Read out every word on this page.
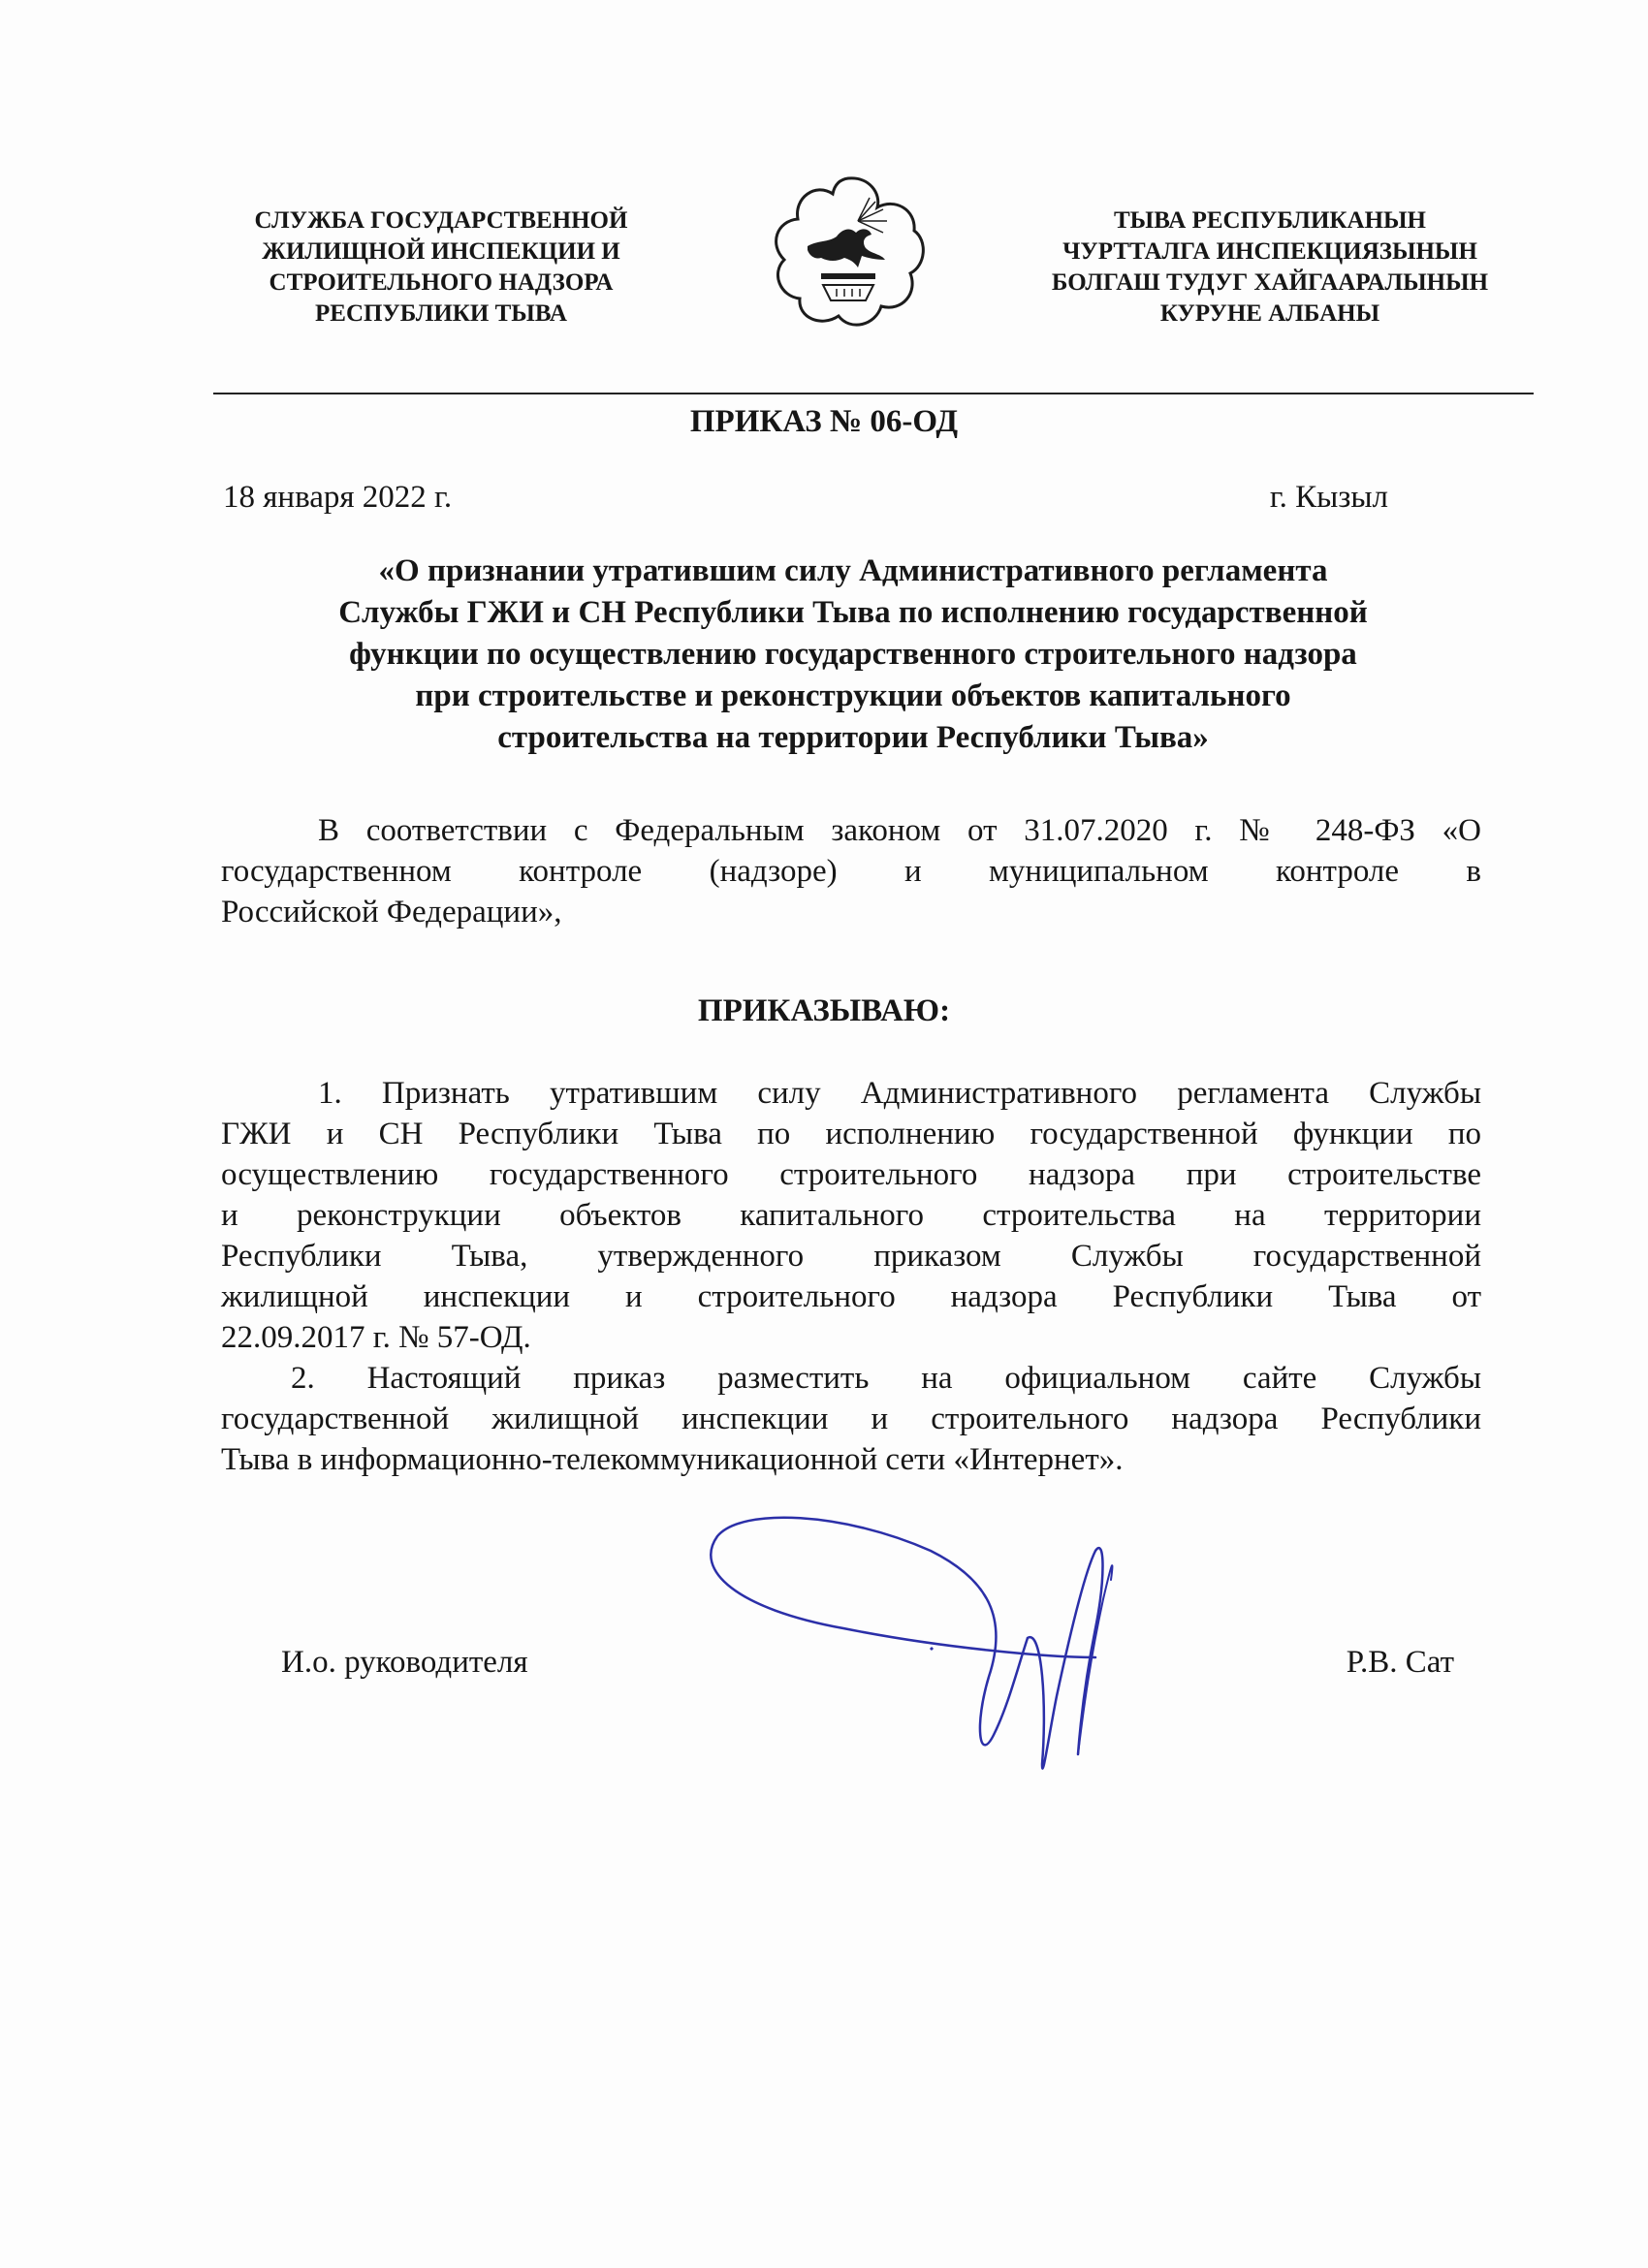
СЛУЖБА ГОСУДАРСТВЕННОЙ
ЖИЛИЩНОЙ ИНСПЕКЦИИ И
СТРОИТЕЛЬНОГО НАДЗОРА
РЕСПУБЛИКИ ТЫВА
ТЫВА РЕСПУБЛИКАНЫН
ЧУРТТАЛГА ИНСПЕКЦИЯЗЫНЫН
БОЛГАШ ТУДУГ ХАЙГААРАЛЫНЫН
КУРУНЕ АЛБАНЫ
ПРИКАЗ № 06-ОД
18 января 2022 г.	г. Кызыл
«О признании утратившим силу Административного регламента
Службы ГЖИ и СН Республики Тыва по исполнению государственной
функции по осуществлению государственного строительного надзора
при строительстве и реконструкции объектов капитального
строительства на территории Республики Тыва»
В соответствии с Федеральным законом от 31.07.2020 г. № 248-ФЗ «О
государственном контроле (надзоре) и муниципальном контроле в
Российской Федерации»,
ПРИКАЗЫВАЮ:
1. Признать утратившим силу Административного регламента Службы
ГЖИ и СН Республики Тыва по исполнению государственной функции по
осуществлению государственного строительного надзора при строительстве
и реконструкции объектов капитального строительства на территории
Республики Тыва, утвержденного приказом Службы государственной
жилищной инспекции и строительного надзора Республики Тыва от
22.09.2017 г. № 57-ОД.
2. Настоящий приказ разместить на официальном сайте Службы
государственной жилищной инспекции и строительного надзора Республики
Тыва в информационно-телекоммуникационной сети «Интернет».
И.о. руководителя	Р.В. Сат
